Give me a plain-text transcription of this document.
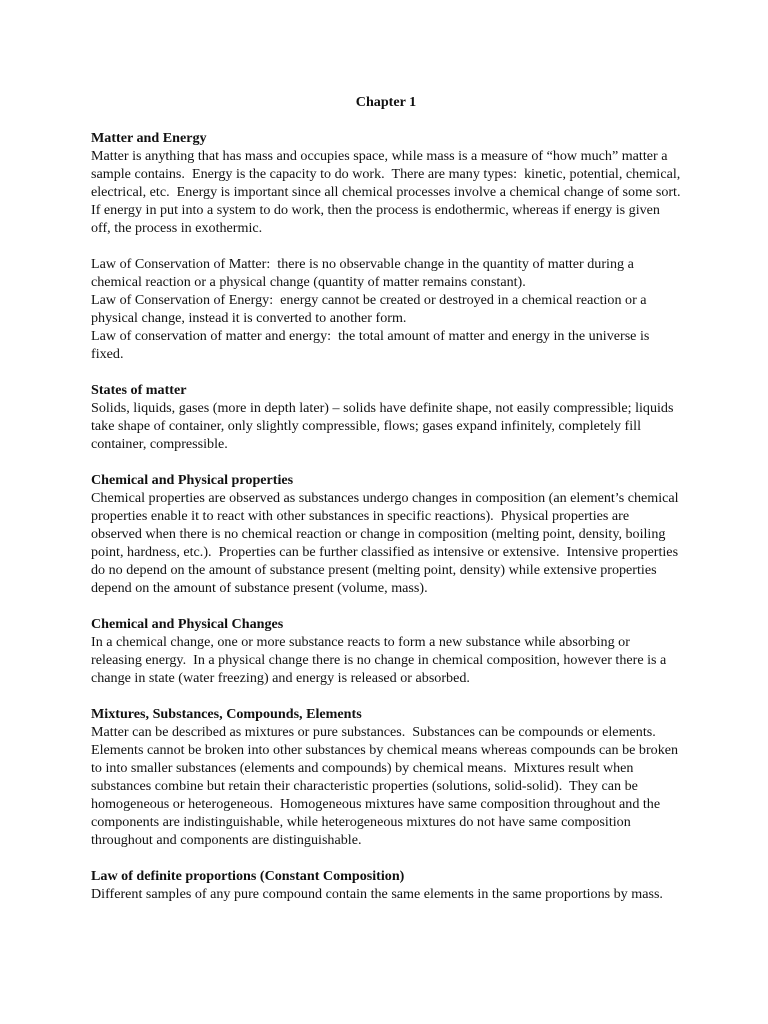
Chapter 1
Matter and Energy

Matter is anything that has mass and occupies space, while mass is a measure of “how much” matter a sample contains.  Energy is the capacity to do work.  There are many types:  kinetic, potential, chemical, electrical, etc.  Energy is important since all chemical processes involve a chemical change of some sort.  If energy in put into a system to do work, then the process is endothermic, whereas if energy is given off, the process in exothermic.

Law of Conservation of Matter:  there is no observable change in the quantity of matter during a chemical reaction or a physical change (quantity of matter remains constant).

Law of Conservation of Energy:  energy cannot be created or destroyed in a chemical reaction or a physical change, instead it is converted to another form.

Law of conservation of matter and energy:  the total amount of matter and energy in the universe is fixed.

States of matter

Solids, liquids, gases (more in depth later) – solids have definite shape, not easily compressible; liquids take shape of container, only slightly compressible, flows; gases expand infinitely, completely fill container, compressible.

Chemical and Physical properties

Chemical properties are observed as substances undergo changes in composition (an element’s chemical properties enable it to react with other substances in specific reactions).  Physical properties are observed when there is no chemical reaction or change in composition (melting point, density, boiling point, hardness, etc.).  Properties can be further classified as intensive or extensive.  Intensive properties do no depend on the amount of substance present (melting point, density) while extensive properties depend on the amount of substance present (volume, mass).

Chemical and Physical Changes

In a chemical change, one or more substance reacts to form a new substance while absorbing or releasing energy.  In a physical change there is no change in chemical composition, however there is a change in state (water freezing) and energy is released or absorbed.

Mixtures, Substances, Compounds, Elements

Matter can be described as mixtures or pure substances.  Substances can be compounds or elements.  Elements cannot be broken into other substances by chemical means whereas compounds can be broken to into smaller substances (elements and compounds) by chemical means.  Mixtures result when substances combine but retain their characteristic properties (solutions, solid-solid).  They can be homogeneous or heterogeneous.  Homogeneous mixtures have same composition throughout and the components are indistinguishable, while heterogeneous mixtures do not have same composition throughout and components are distinguishable.

Law of definite proportions (Constant Composition)

Different samples of any pure compound contain the same elements in the same proportions by mass.
